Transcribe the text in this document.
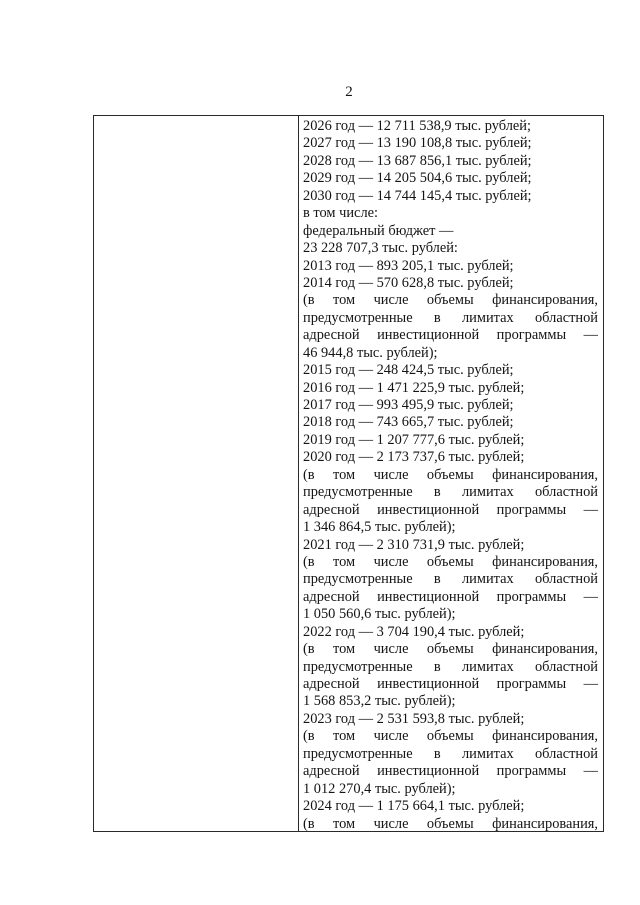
2
2026 год — 12 711 538,9 тыс. рублей;
2027 год — 13 190 108,8 тыс. рублей;
2028 год — 13 687 856,1 тыс. рублей;
2029 год — 14 205 504,6 тыс. рублей;
2030 год — 14 744 145,4 тыс. рублей;
в том числе:
федеральный бюджет —
23 228 707,3 тыс. рублей:
2013 год — 893 205,1 тыс. рублей;
2014 год — 570 628,8 тыс. рублей;
(в том числе объемы финансирования,
предусмотренные в лимитах областной
адресной инвестиционной программы —
46 944,8 тыс. рублей);
2015 год — 248 424,5 тыс. рублей;
2016 год — 1 471 225,9 тыс. рублей;
2017 год — 993 495,9 тыс. рублей;
2018 год — 743 665,7 тыс. рублей;
2019 год — 1 207 777,6 тыс. рублей;
2020 год — 2 173 737,6 тыс. рублей;
(в том числе объемы финансирования,
предусмотренные в лимитах областной
адресной инвестиционной программы —
1 346 864,5 тыс. рублей);
2021 год — 2 310 731,9 тыс. рублей;
(в том числе объемы финансирования,
предусмотренные в лимитах областной
адресной инвестиционной программы —
1 050 560,6 тыс. рублей);
2022 год — 3 704 190,4 тыс. рублей;
(в том числе объемы финансирования,
предусмотренные в лимитах областной
адресной инвестиционной программы —
1 568 853,2 тыс. рублей);
2023 год — 2 531 593,8 тыс. рублей;
(в том числе объемы финансирования,
предусмотренные в лимитах областной
адресной инвестиционной программы —
1 012 270,4 тыс. рублей);
2024 год — 1 175 664,1 тыс. рублей;
(в том числе объемы финансирования,
